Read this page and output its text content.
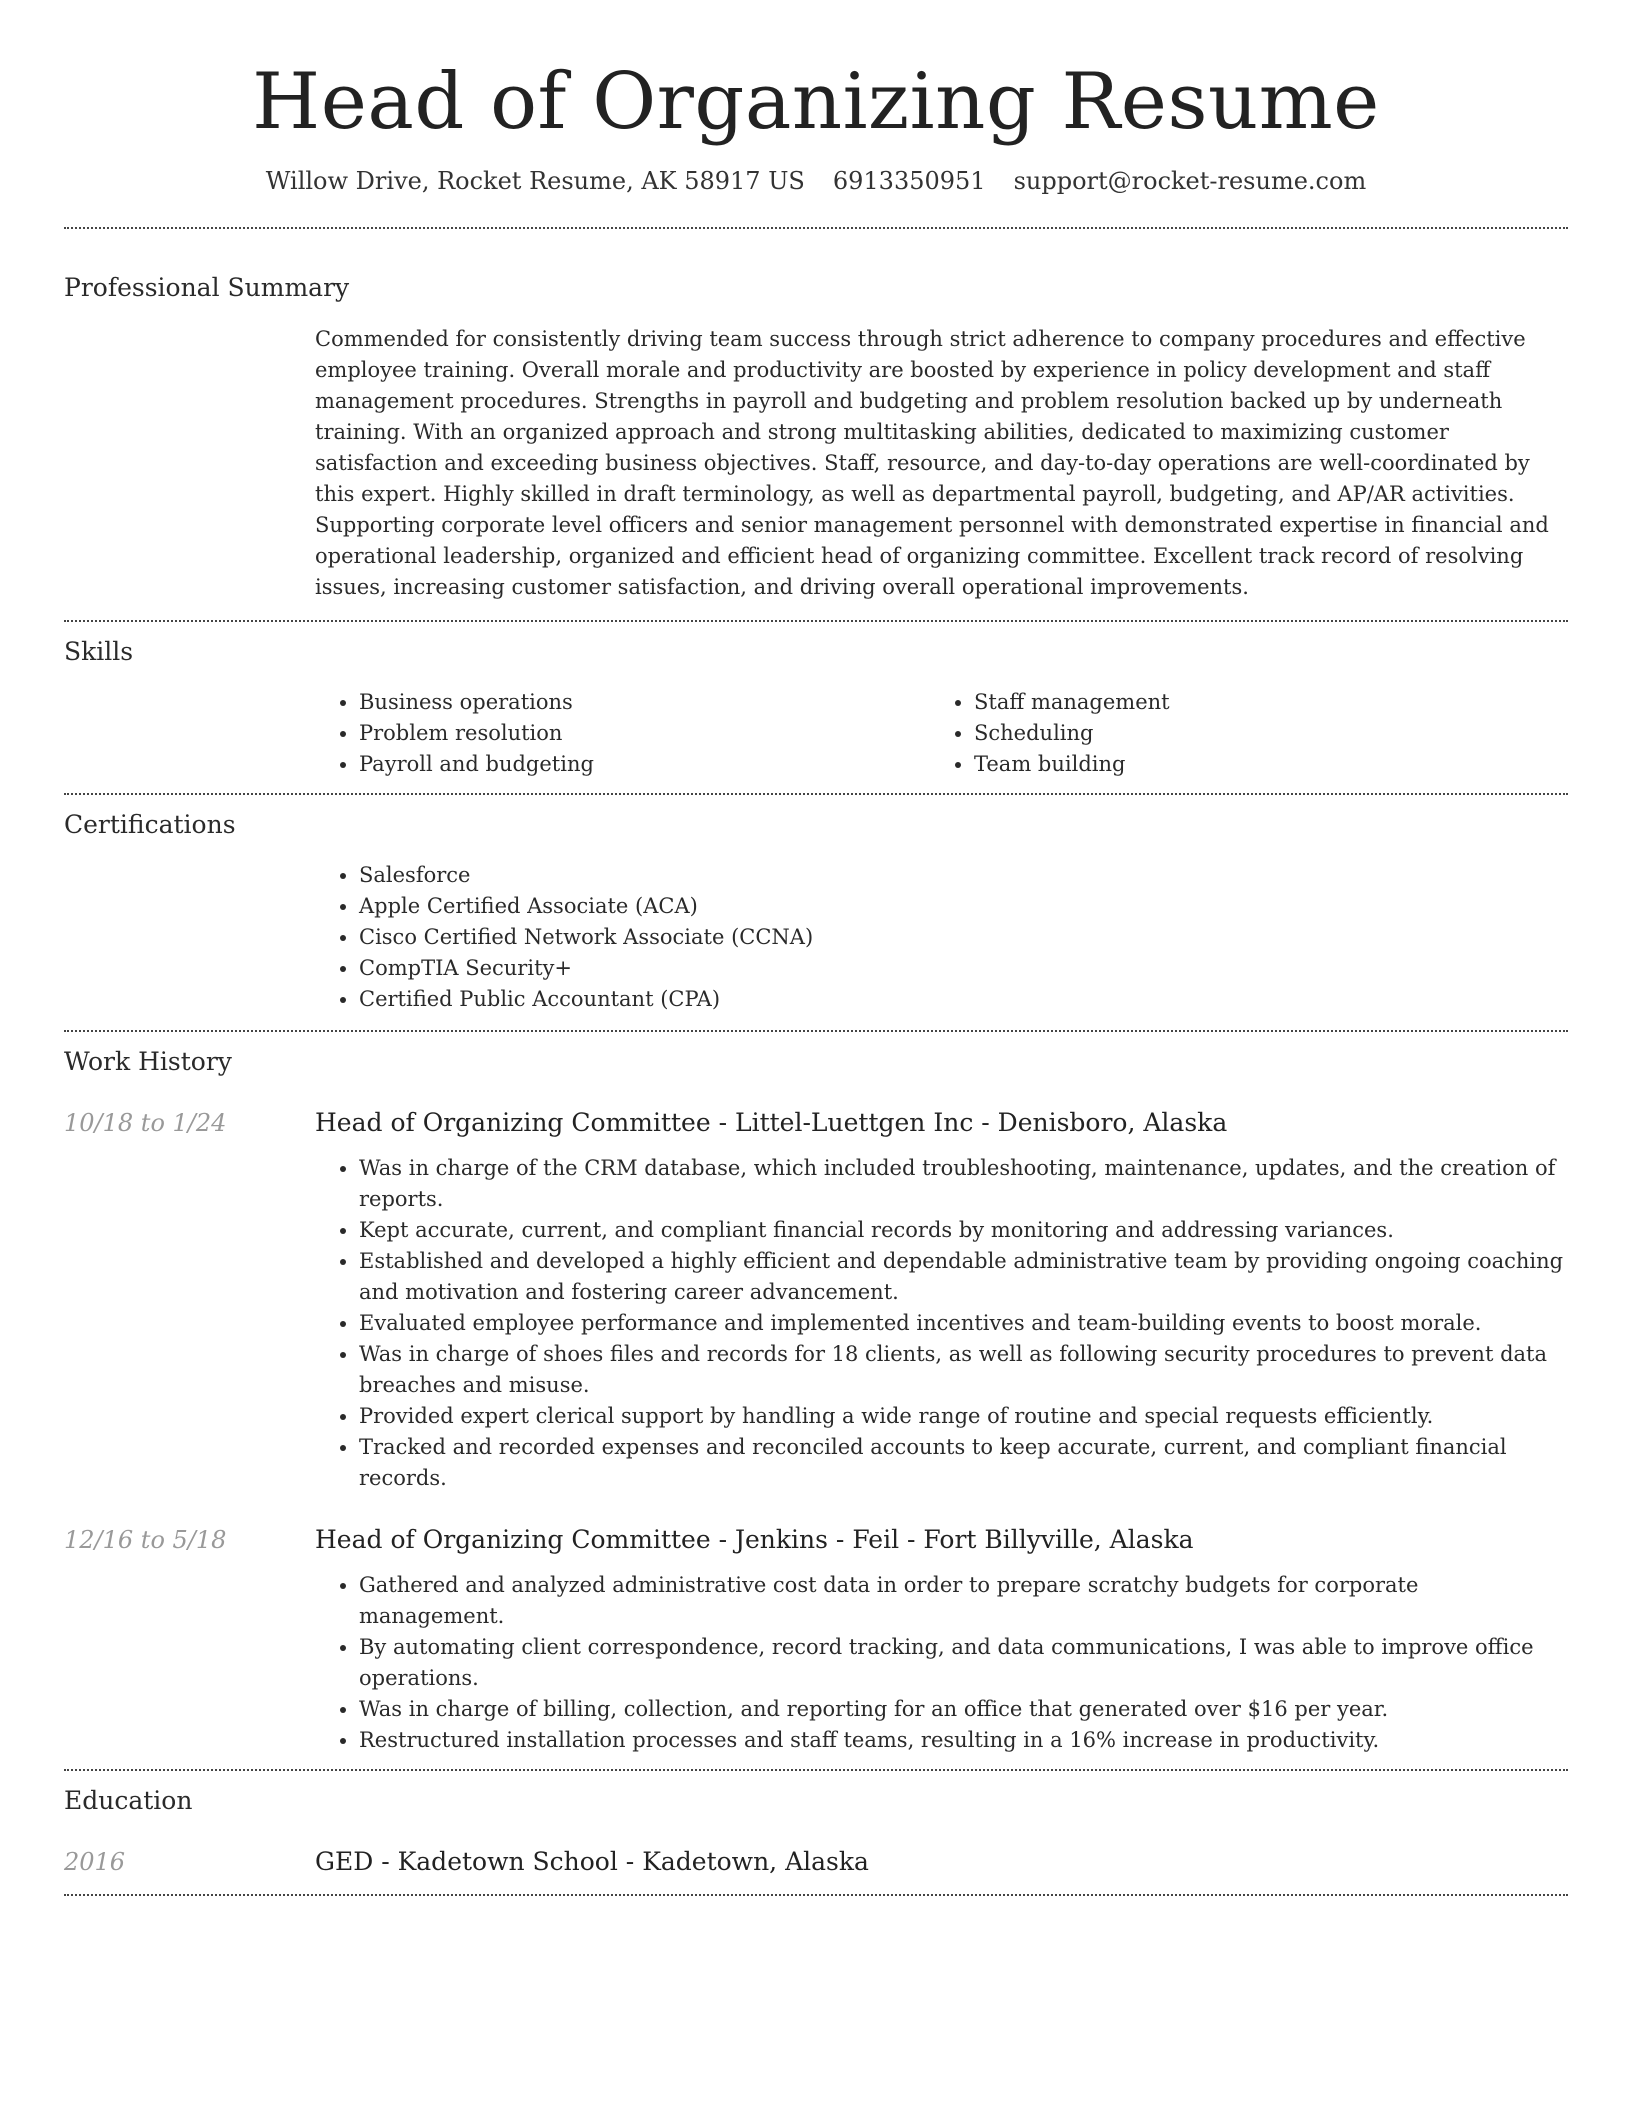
Head of Organizing Resume
Willow Drive, Rocket Resume, AK 58917 US 6913350951 support@rocket-resume.com
Professional Summary
Commended for consistently driving team success through strict adherence to company procedures and effective employee training. Overall morale and productivity are boosted by experience in policy development and staff management procedures. Strengths in payroll and budgeting and problem resolution backed up by underneath training. With an organized approach and strong multitasking abilities, dedicated to maximizing customer satisfaction and exceeding business objectives. Staff, resource, and day-to-day operations are well-coordinated by this expert. Highly skilled in draft terminology, as well as departmental payroll, budgeting, and AP/AR activities. Supporting corporate level officers and senior management personnel with demonstrated expertise in financial and operational leadership, organized and efficient head of organizing committee. Excellent track record of resolving issues, increasing customer satisfaction, and driving overall operational improvements.
Skills
• Business operations
• Problem resolution
• Payroll and budgeting
• Staff management
• Scheduling
• Team building
Certifications
• Salesforce
• Apple Certified Associate (ACA)
• Cisco Certified Network Associate (CCNA)
• CompTIA Security+
• Certified Public Accountant (CPA)
Work History
10/18 to 1/24	Head of Organizing Committee - Littel-Luettgen Inc - Denisboro, Alaska
• Was in charge of the CRM database, which included troubleshooting, maintenance, updates, and the creation of reports.
• Kept accurate, current, and compliant financial records by monitoring and addressing variances.
• Established and developed a highly efficient and dependable administrative team by providing ongoing coaching and motivation and fostering career advancement.
• Evaluated employee performance and implemented incentives and team-building events to boost morale.
• Was in charge of shoes files and records for 18 clients, as well as following security procedures to prevent data breaches and misuse.
• Provided expert clerical support by handling a wide range of routine and special requests efficiently.
• Tracked and recorded expenses and reconciled accounts to keep accurate, current, and compliant financial records.
12/16 to 5/18	Head of Organizing Committee - Jenkins - Feil - Fort Billyville, Alaska
• Gathered and analyzed administrative cost data in order to prepare scratchy budgets for corporate management.
• By automating client correspondence, record tracking, and data communications, I was able to improve office operations.
• Was in charge of billing, collection, and reporting for an office that generated over $16 per year.
• Restructured installation processes and staff teams, resulting in a 16% increase in productivity.
Education
2016	GED - Kadetown School - Kadetown, Alaska
